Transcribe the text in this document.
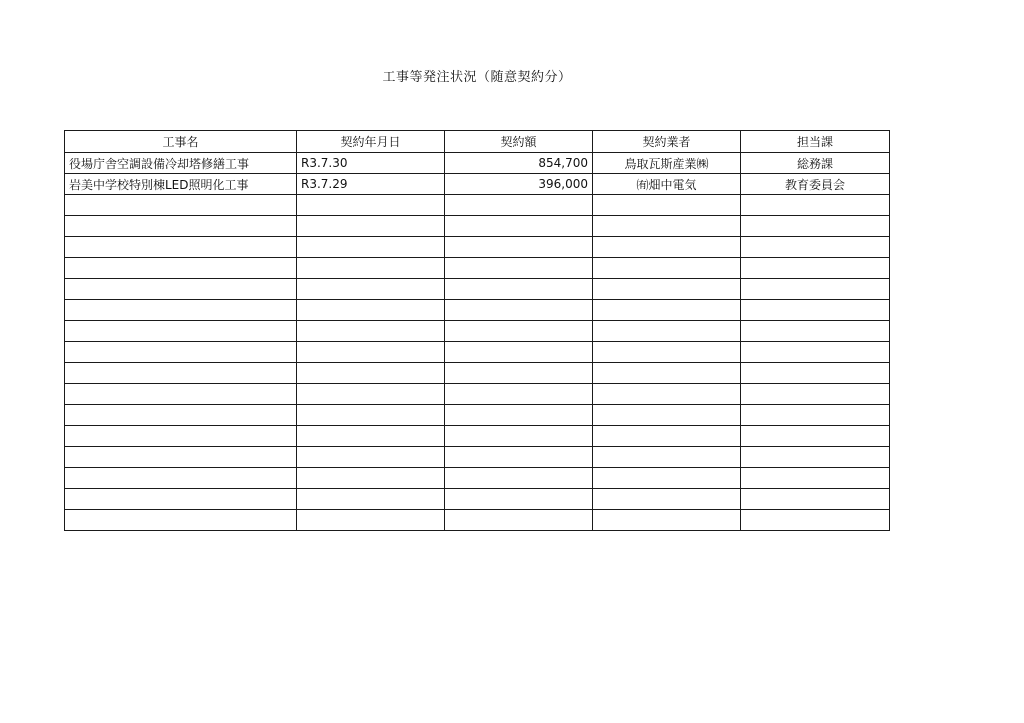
工事等発注状況（随意契約分）
工事名	契約年月日	契約額	契約業者	担当課
役場庁舎空調設備冷却塔修繕工事	R3.7.30	854,700	鳥取瓦斯産業㈱	総務課
岩美中学校特別棟LED照明化工事	R3.7.29	396,000	㈲畑中電気	教育委員会
